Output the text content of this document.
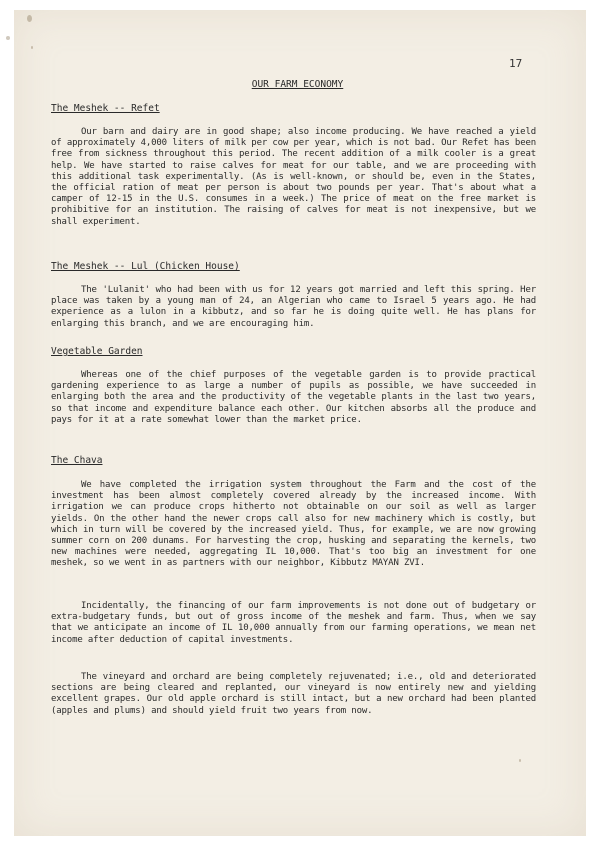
17
OUR FARM ECONOMY
The Meshek -- Refet

Our barn and dairy are in good shape; also income producing. We have reached a yield of approximately 4,000 liters of milk per cow per year, which is not bad. Our Refet has been free from sickness throughout this period. The recent addition of a milk cooler is a great help. We have started to raise calves for meat for our table, and we are proceeding with this additional task experimentally. (As is well-known, or should be, even in the States, the official ration of meat per person is about two pounds per year. That's about what a camper of 12-15 in the U.S. consumes in a week.) The price of meat on the free market is prohibitive for an institution. The raising of calves for meat is not inexpensive, but we shall experiment.

The Meshek -- Lul (Chicken House)

The 'Lulanit' who had been with us for 12 years got married and left this spring. Her place was taken by a young man of 24, an Algerian who came to Israel 5 years ago. He had experience as a lulon in a kibbutz, and so far he is doing quite well. He has plans for enlarging this branch, and we are encouraging him.

Vegetable Garden

Whereas one of the chief purposes of the vegetable garden is to provide practical gardening experience to as large a number of pupils as possible, we have succeeded in enlarging both the area and the productivity of the vegetable plants in the last two years, so that income and expenditure balance each other. Our kitchen absorbs all the produce and pays for it at a rate somewhat lower than the market price.

The Chava

We have completed the irrigation system throughout the Farm and the cost of the investment has been almost completely covered already by the increased income. With irrigation we can produce crops hitherto not obtainable on our soil as well as larger yields. On the other hand the newer crops call also for new machinery which is costly, but which in turn will be covered by the increased yield. Thus, for example, we are now growing summer corn on 200 dunams. For harvesting the crop, husking and separating the kernels, two new machines were needed, aggregating IL 10,000. That's too big an investment for one meshek, so we went in as partners with our neighbor, Kibbutz MAYAN ZVI.

Incidentally, the financing of our farm improvements is not done out of budgetary or extra-budgetary funds, but out of gross income of the meshek and farm. Thus, when we say that we anticipate an income of IL 10,000 annually from our farming operations, we mean net income after deduction of capital investments.

The vineyard and orchard are being completely rejuvenated; i.e., old and deteriorated sections are being cleared and replanted, our vineyard is now entirely new and yielding excellent grapes. Our old apple orchard is still intact, but a new orchard had been planted (apples and plums) and should yield fruit two years from now.
